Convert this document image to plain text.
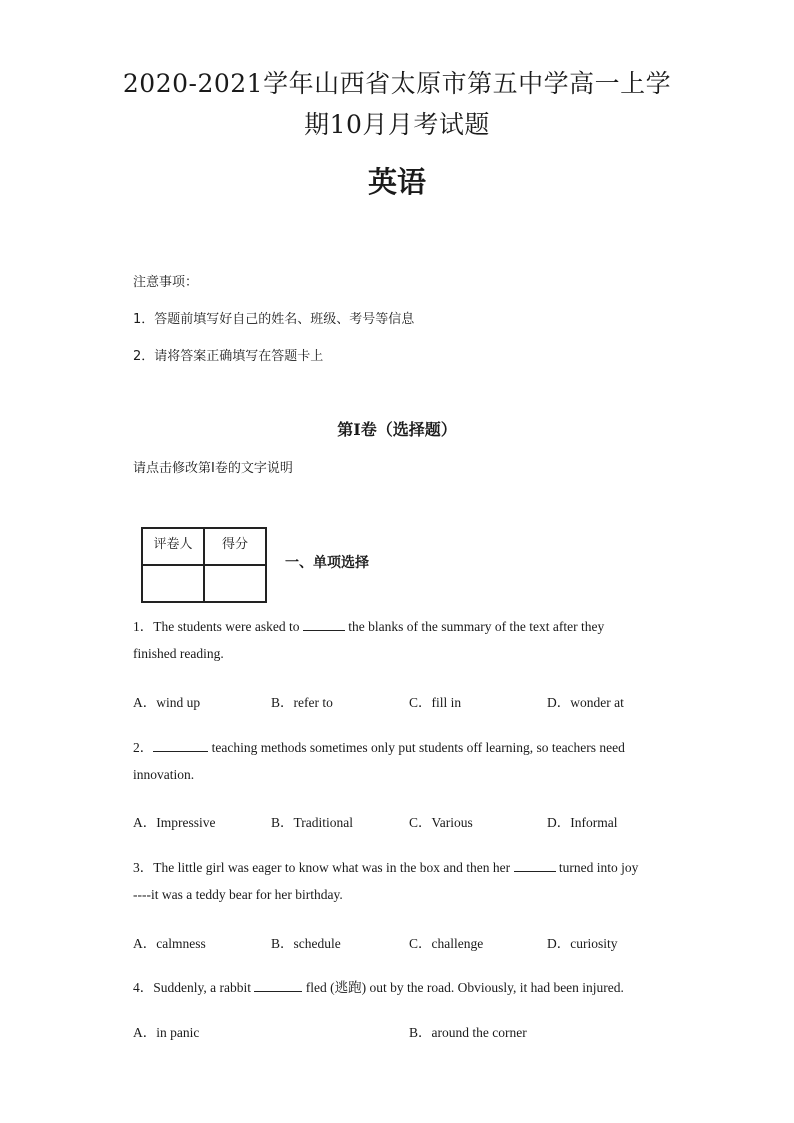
2020-2021学年山西省太原市第五中学高一上学
期10月月考试题
英语
注意事项：
1．答题前填写好自己的姓名、班级、考号等信息
2．请将答案正确填写在答题卡上
第I卷（选择题）
请点击修改第I卷的文字说明
评卷人	得分

一、单项选择
1．The students were asked to	the blanks of the summary of the text after they
finished reading.
A．wind up	B．refer to	C．fill in	D．wonder at
2．	teaching methods sometimes only put students off learning, so teachers need
innovation.
A．Impressive	B．Traditional	C．Various	D．Informal
3．The little girl was eager to know what was in the box and then her	turned into joy
----it was a teddy bear for her birthday.
A．calmness	B．schedule	C．challenge	D．curiosity
4．Suddenly, a rabbit	fled (逃跑) out by the road. Obviously, it had been injured.
A．in panic	B．around the corner
